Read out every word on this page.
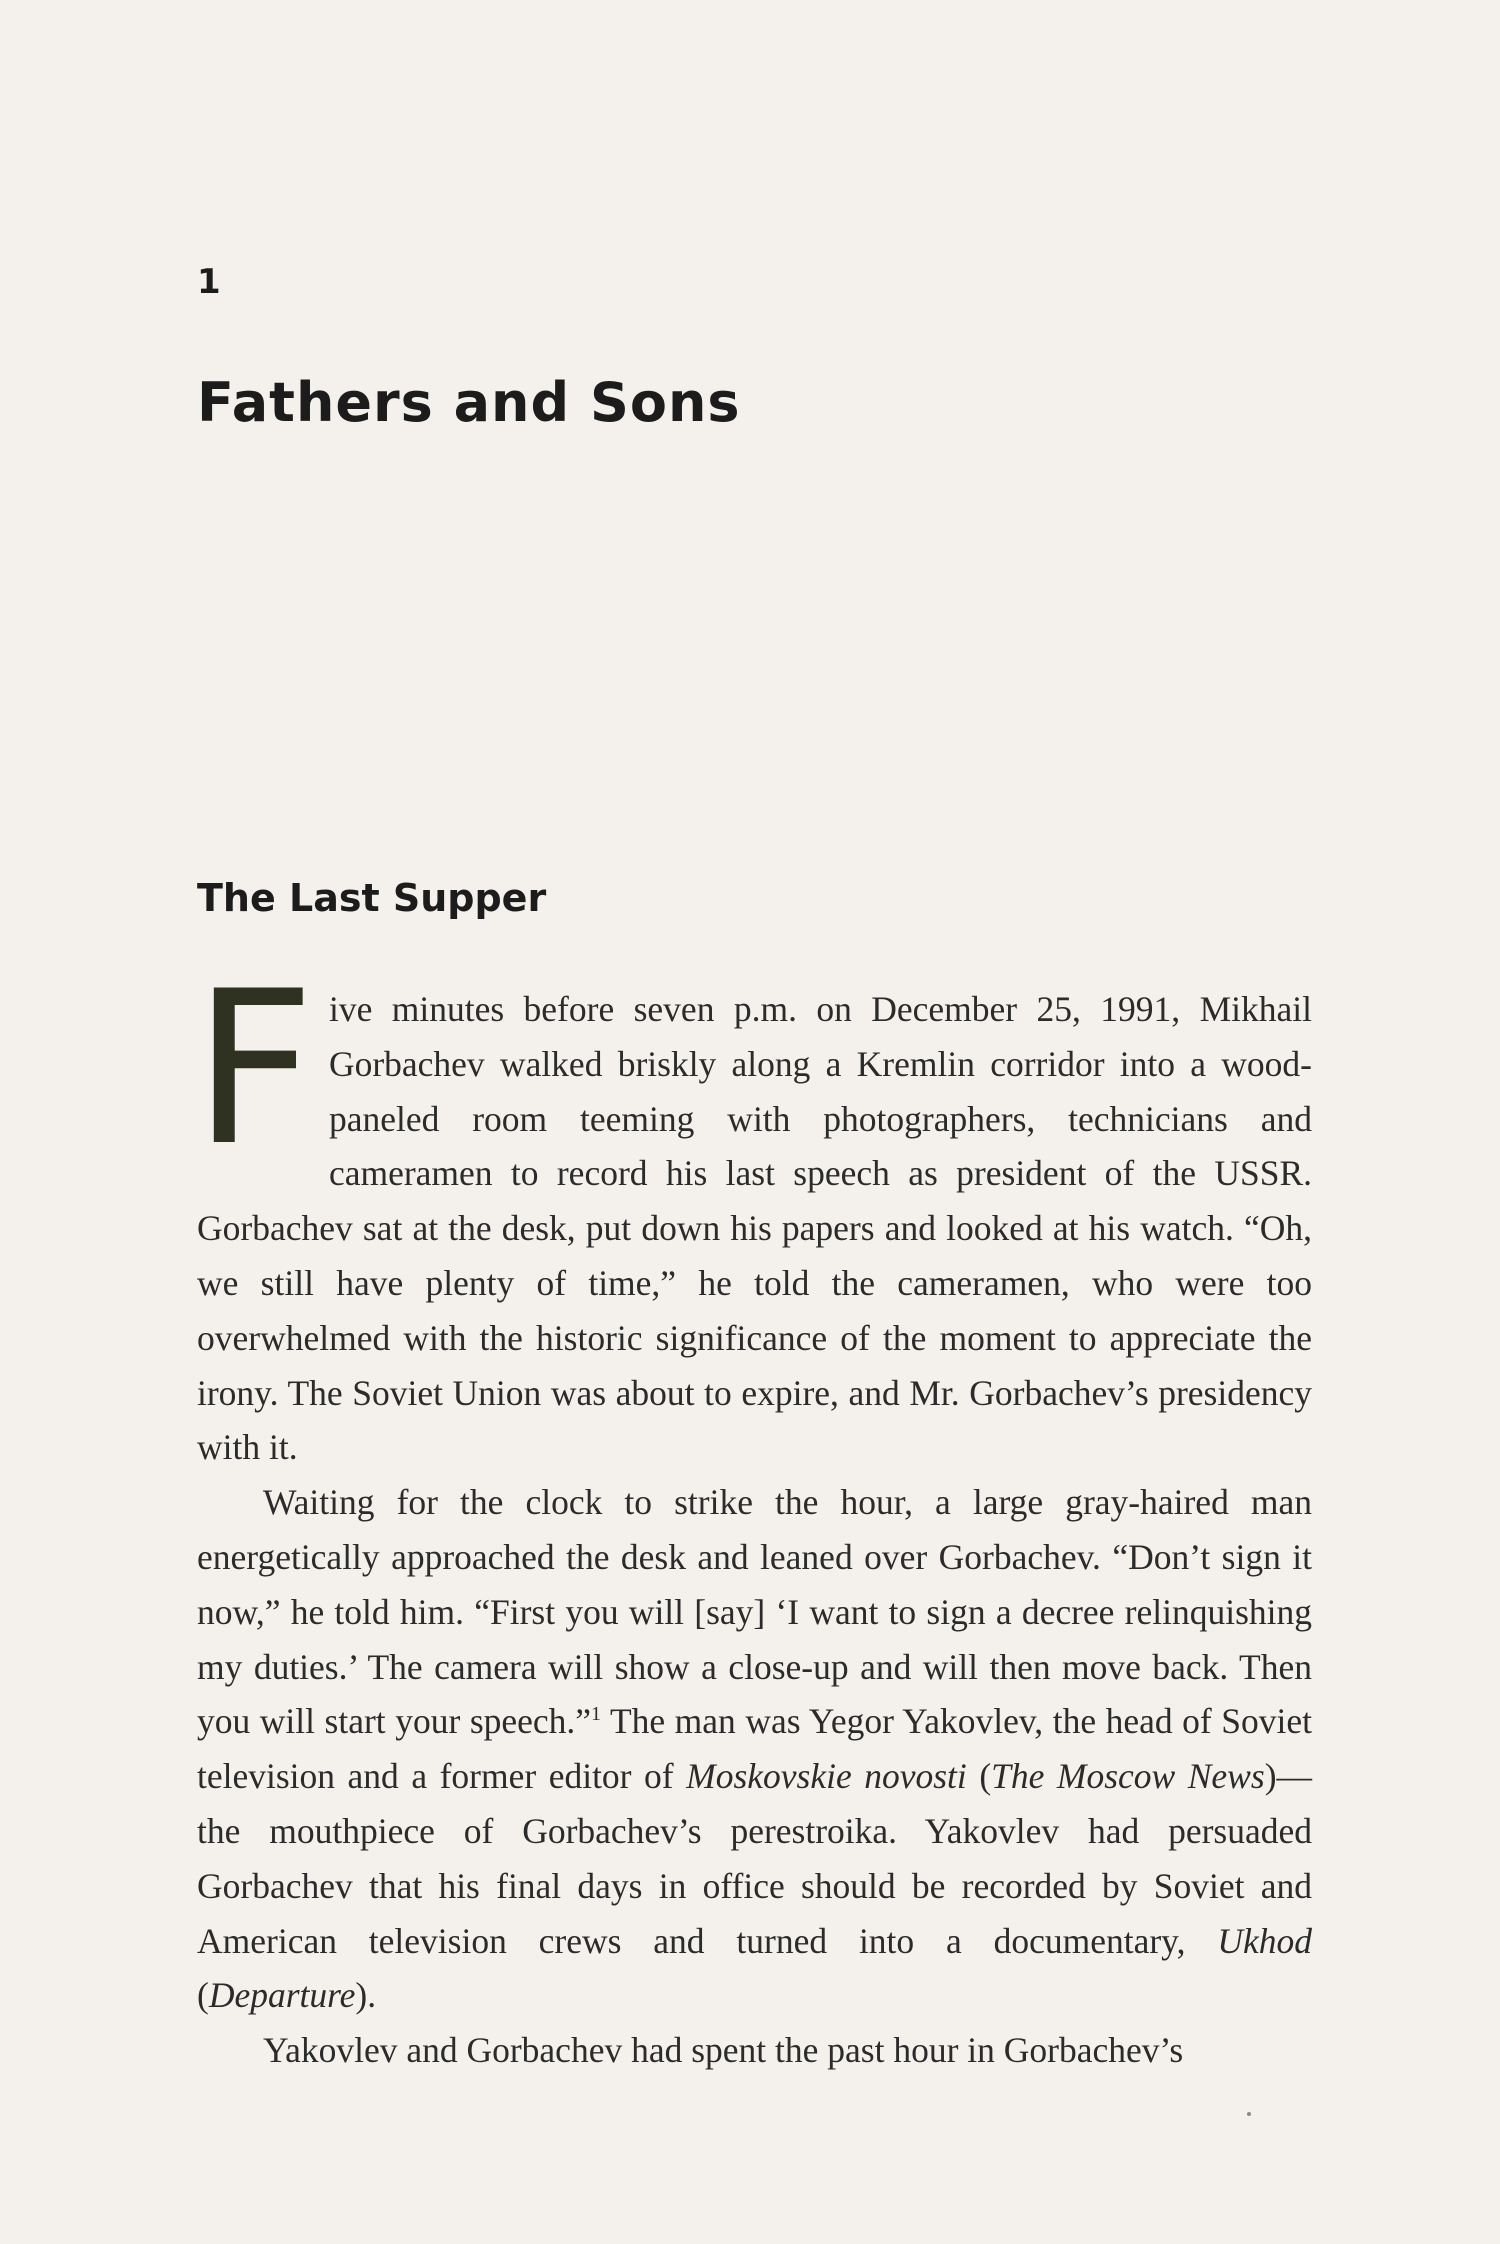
1
Fathers and Sons
The Last Supper

Five minutes before seven p.m. on December 25, 1991, Mikhail Gorbachev walked briskly along a Kremlin corridor into a wood-paneled room teeming with photographers, technicians and cameramen to record his last speech as president of the USSR. Gorbachev sat at the desk, put down his papers and looked at his watch. “Oh, we still have plenty of time,” he told the cameramen, who were too overwhelmed with the historic significance of the moment to appreciate the irony. The Soviet Union was about to expire, and Mr. Gorbachev’s presidency with it.

Waiting for the clock to strike the hour, a large gray-haired man energetically approached the desk and leaned over Gorbachev. “Don’t sign it now,” he told him. “First you will [say] ‘I want to sign a decree relinquishing my duties.’ The camera will show a close-up and will then move back. Then you will start your speech.”$^1$ The man was Yegor Yakovlev, the head of Soviet television and a former editor of Moskovskie novosti (The Moscow News)—the mouthpiece of Gorbachev’s perestroika. Yakovlev had persuaded Gorbachev that his final days in office should be recorded by Soviet and American television crews and turned into a documentary, Ukhod (Departure).

Yakovlev and Gorbachev had spent the past hour in Gorbachev’s
